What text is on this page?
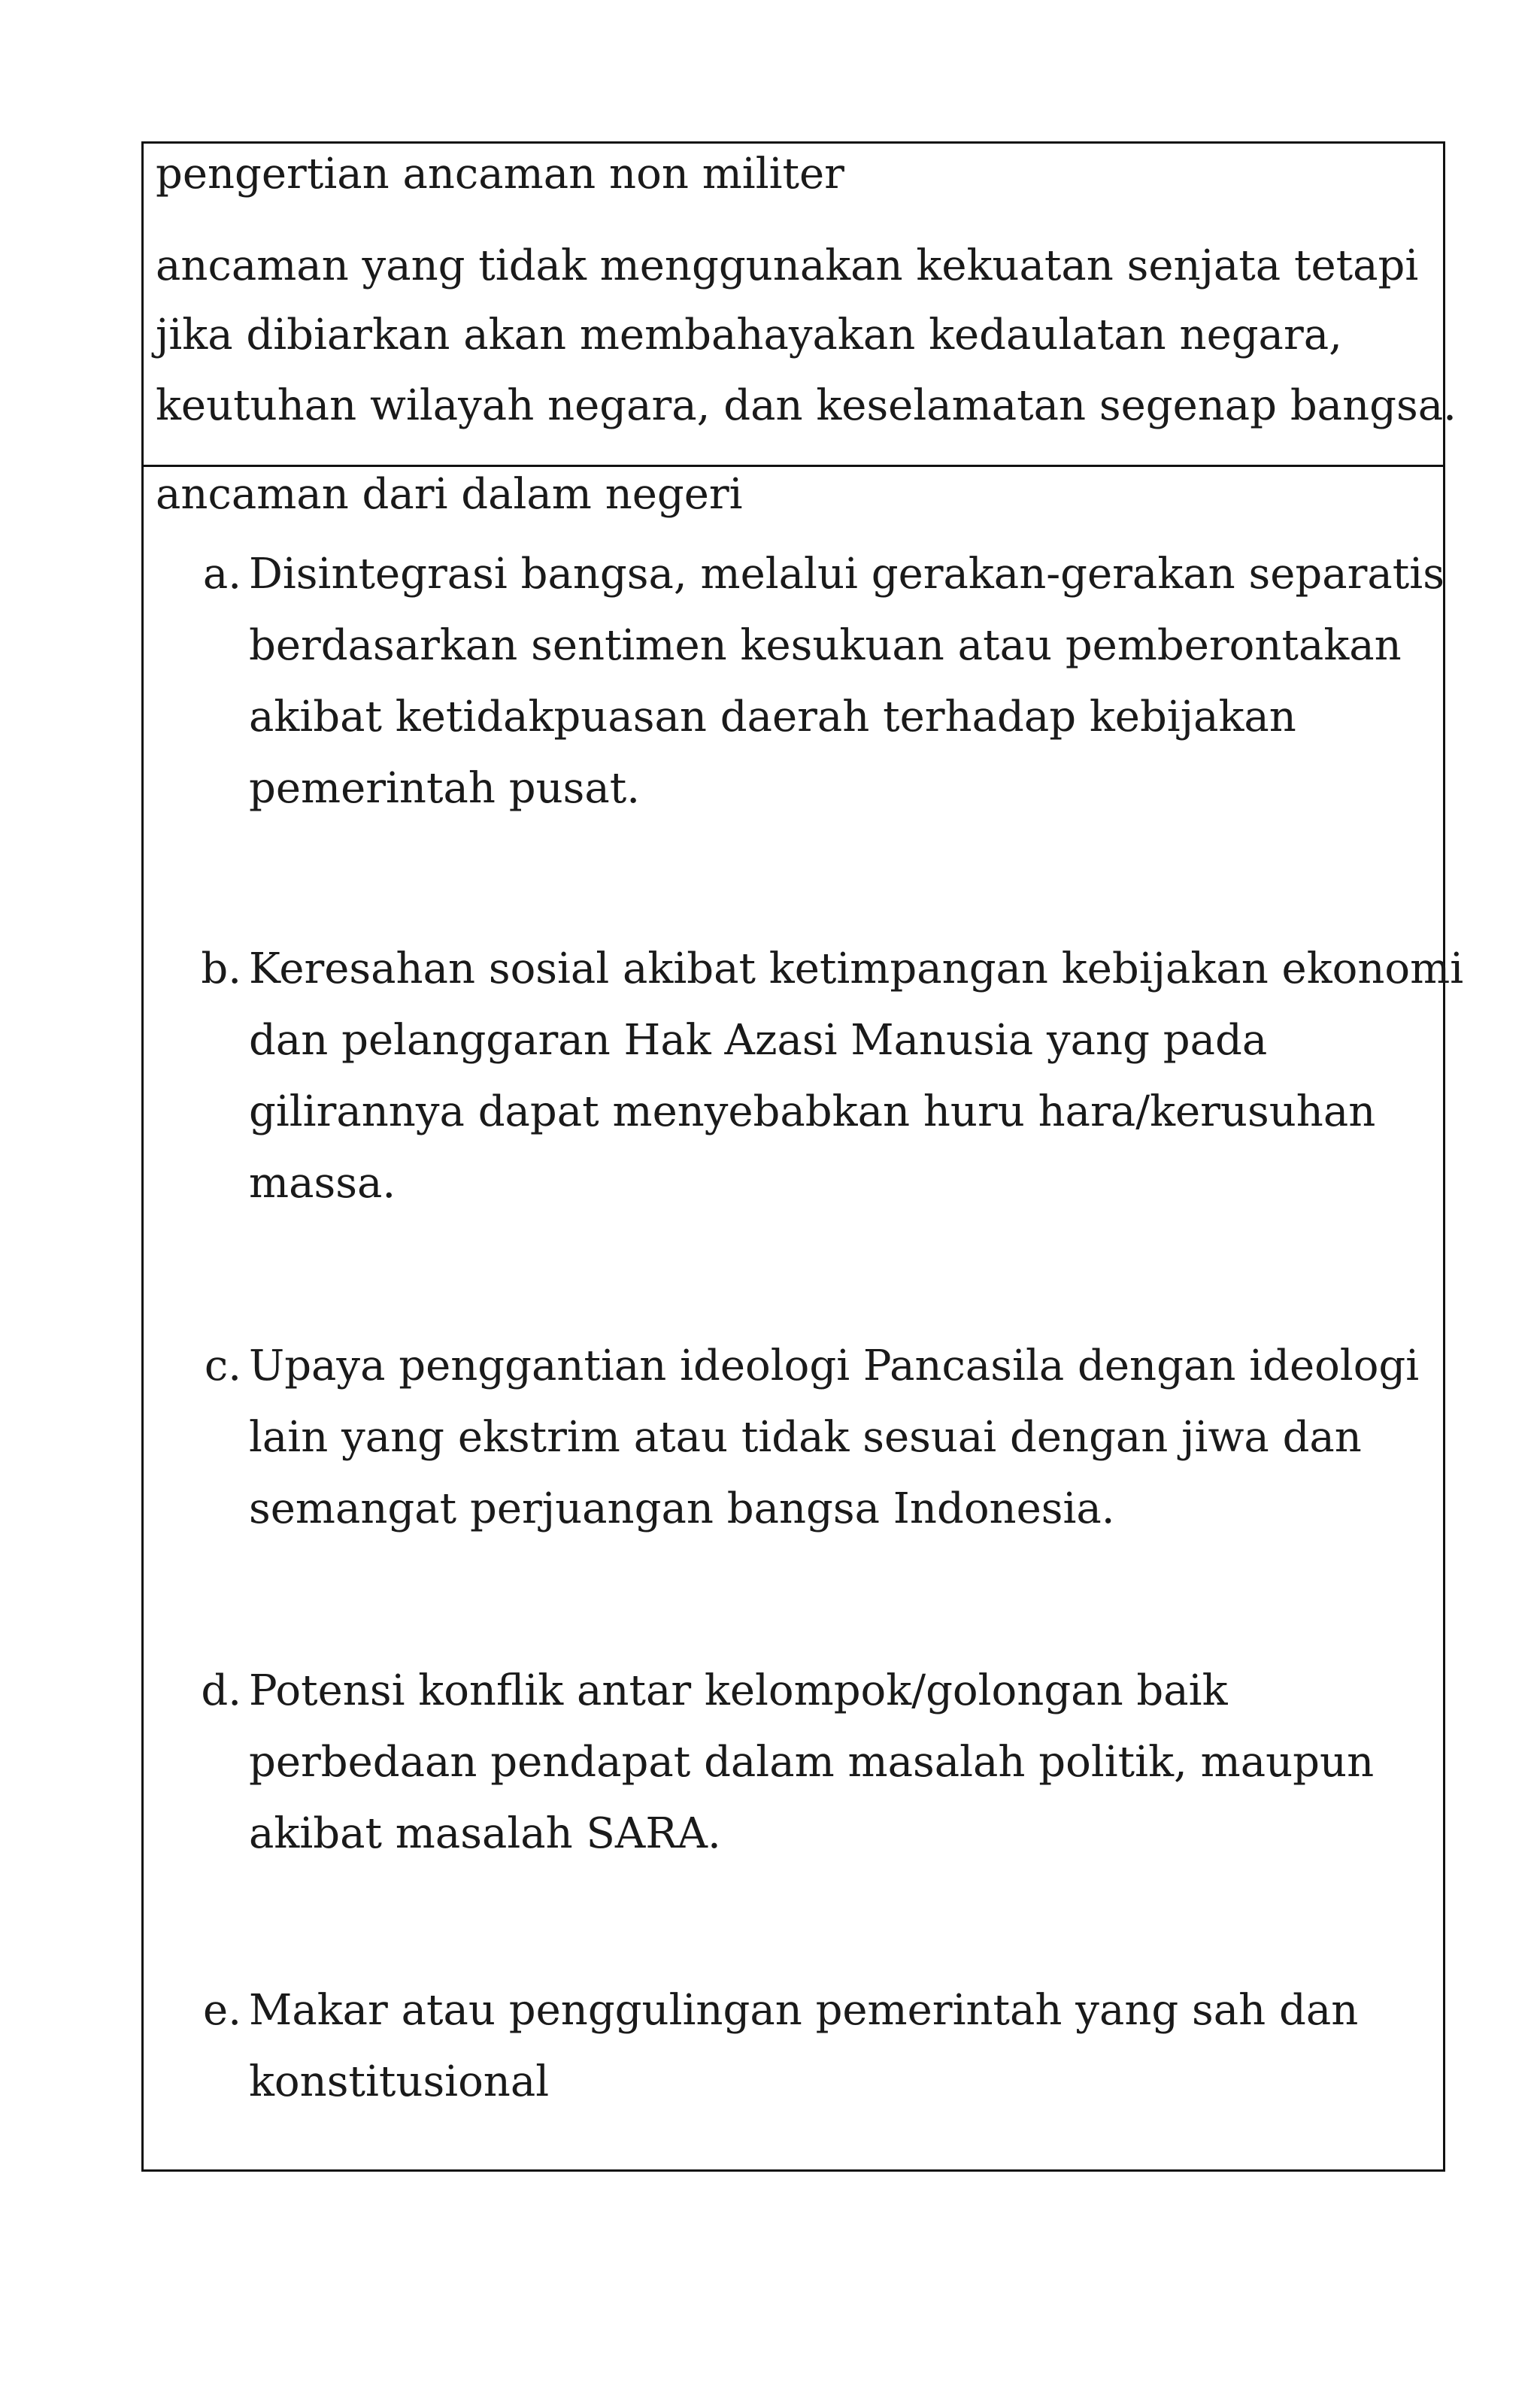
pengertian ancaman non militer
ancaman yang tidak menggunakan kekuatan senjata tetapi
jika dibiarkan akan membahayakan kedaulatan negara,
keutuhan wilayah negara, dan keselamatan segenap bangsa.
ancaman dari dalam negeri
a. Disintegrasi bangsa, melalui gerakan-gerakan separatis
berdasarkan sentimen kesukuan atau pemberontakan
akibat ketidakpuasan daerah terhadap kebijakan
pemerintah pusat.
b. Keresahan sosial akibat ketimpangan kebijakan ekonomi
dan pelanggaran Hak Azasi Manusia yang pada
gilirannya dapat menyebabkan huru hara/kerusuhan
massa.
c. Upaya penggantian ideologi Pancasila dengan ideologi
lain yang ekstrim atau tidak sesuai dengan jiwa dan
semangat perjuangan bangsa Indonesia.
d. Potensi konflik antar kelompok/golongan baik
perbedaan pendapat dalam masalah politik, maupun
akibat masalah SARA.
e. Makar atau penggulingan pemerintah yang sah dan
konstitusional
